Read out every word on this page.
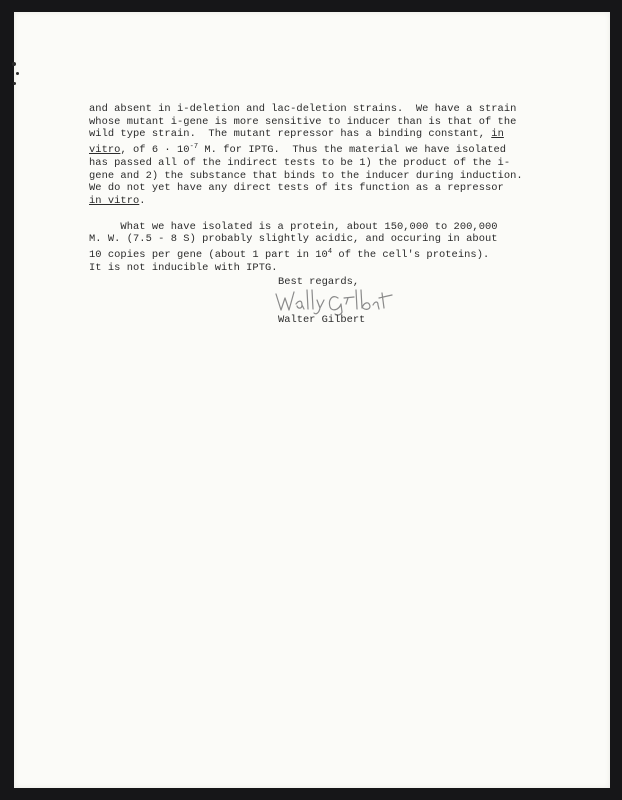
and absent in i-deletion and lac-deletion strains.  We have a strain
whose mutant i-gene is more sensitive to inducer than is that of the
wild type strain.  The mutant repressor has a binding constant, in
vitro, of $6 \cdot 10^{-7}$ M. for IPTG.  Thus the material we have isolated
has passed all of the indirect tests to be 1) the product of the i-
gene and 2) the substance that binds to the inducer during induction.
We do not yet have any direct tests of its function as a repressor
in vitro.

What we have isolated is a protein, about 150,000 to 200,000
M. W. (7.5 - 8 S) probably slightly acidic, and occuring in about
10 copies per gene (about 1 part in $10^4$ of the cell's proteins).
It is not inducible with IPTG.

Best regards,
Walter Gilbert
